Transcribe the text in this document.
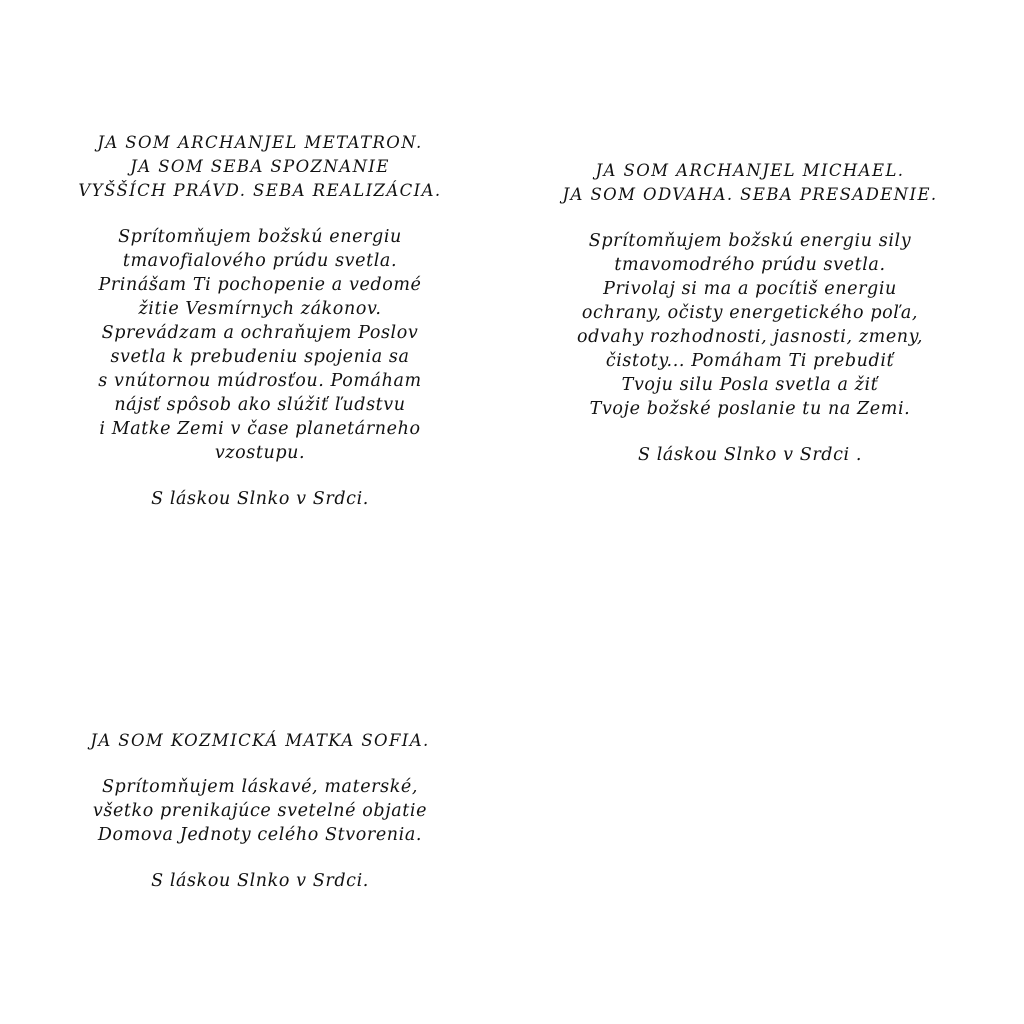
JA SOM ARCHANJEL METATRON.
JA SOM SEBA SPOZNANIE
VYŠŠÍCH PRÁVD. SEBA REALIZÁCIA.
Sprítomňujem božskú energiu
tmavofialového prúdu svetla.
Prinášam Ti pochopenie a vedomé
žitie Vesmírnych zákonov.
Sprevádzam a ochraňujem Poslov
svetla k prebudeniu spojenia sa
s vnútornou múdrosťou. Pomáham
nájsť spôsob ako slúžiť ľudstvu
i Matke Zemi v čase planetárneho
vzostupu.
S láskou Slnko v Srdci.
JA SOM ARCHANJEL MICHAEL.
JA SOM ODVAHA. SEBA PRESADENIE.
Sprítomňujem božskú energiu sily
tmavomodrého prúdu svetla.
Privolaj si ma a pocítiš energiu
ochrany, očisty energetického poľa,
odvahy rozhodnosti, jasnosti, zmeny,
čistoty... Pomáham Ti prebudiť
Tvoju silu Posla svetla a žiť
Tvoje božské poslanie tu na Zemi.
S láskou Slnko v Srdci .
JA SOM KOZMICKÁ MATKA SOFIA.
Sprítomňujem láskavé, materské,
všetko prenikajúce svetelné objatie
Domova Jednoty celého Stvorenia.
S láskou Slnko v Srdci.
